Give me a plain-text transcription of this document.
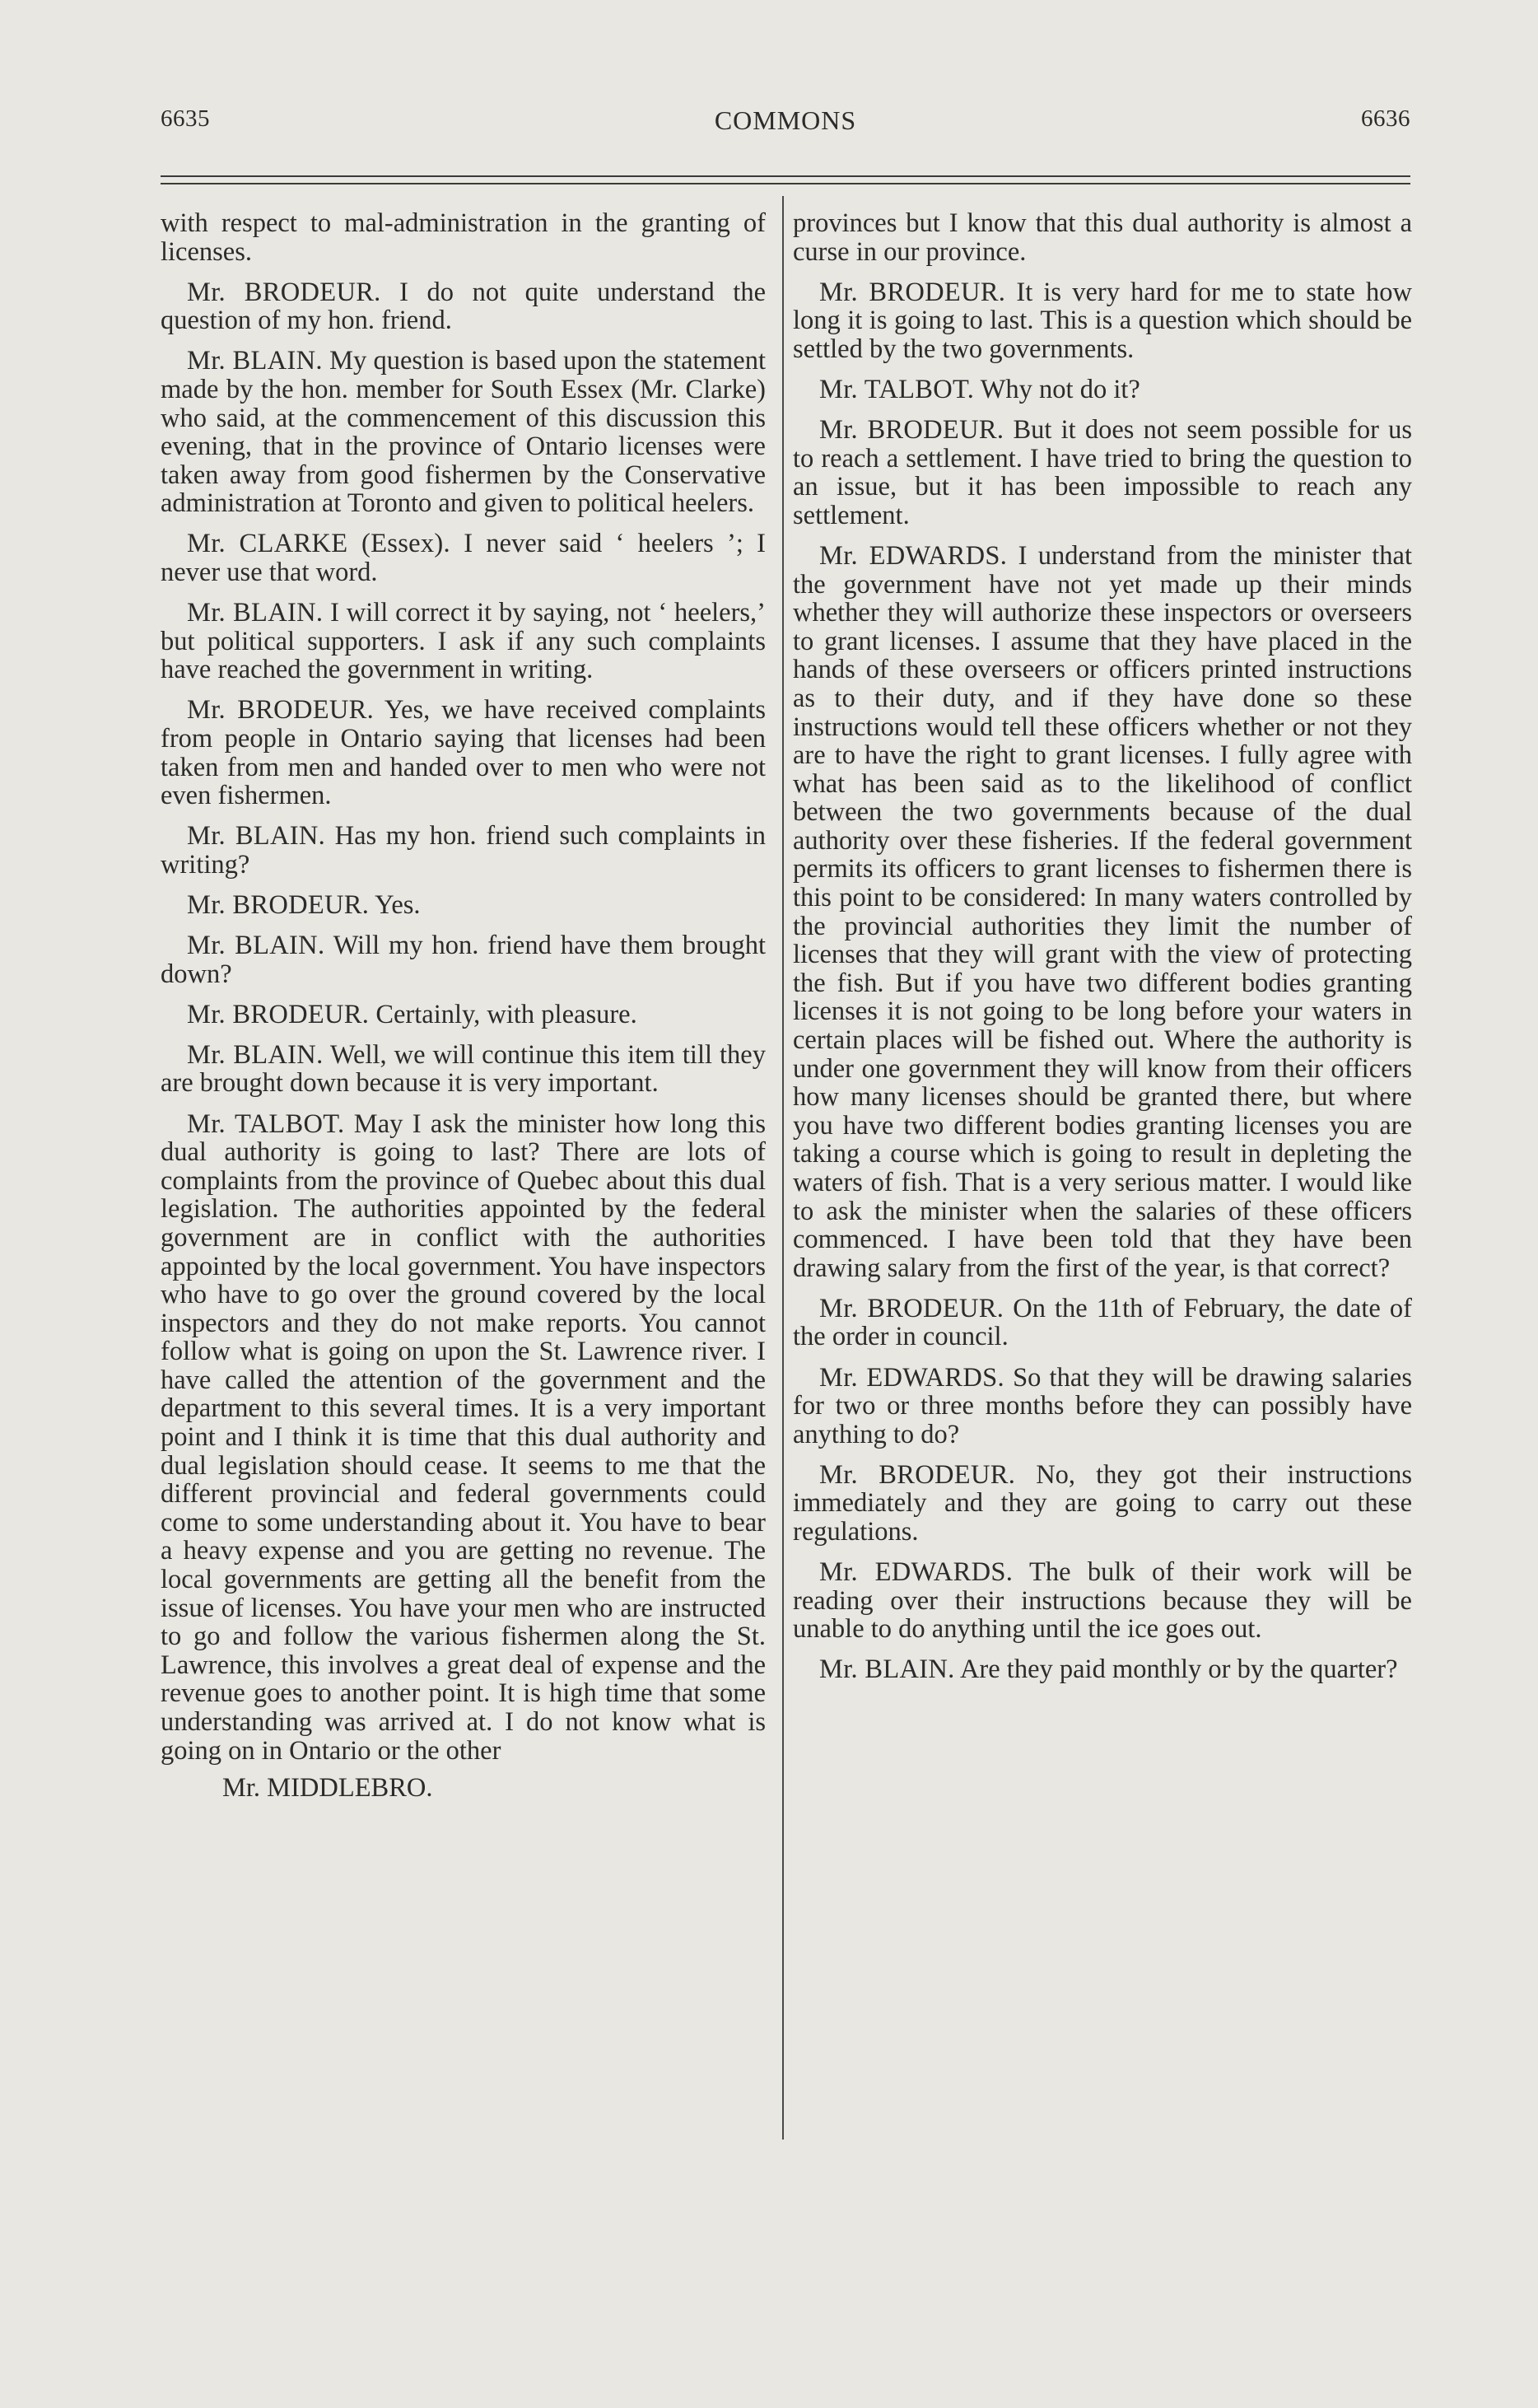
6635	COMMONS	6636

with respect to mal-administration in the granting of licenses.

Mr. BRODEUR. I do not quite understand the question of my hon. friend.

Mr. BLAIN. My question is based upon the statement made by the hon. member for South Essex (Mr. Clarke) who said, at the commencement of this discussion this evening, that in the province of Ontario licenses were taken away from good fishermen by the Conservative administration at Toronto and given to political heelers.

Mr. CLARKE (Essex). I never said ‘ heelers ’; I never use that word.

Mr. BLAIN. I will correct it by saying, not ‘ heelers,’ but political supporters. I ask if any such complaints have reached the government in writing.

Mr. BRODEUR. Yes, we have received complaints from people in Ontario saying that licenses had been taken from men and handed over to men who were not even fishermen.

Mr. BLAIN. Has my hon. friend such complaints in writing?

Mr. BRODEUR. Yes.

Mr. BLAIN. Will my hon. friend have them brought down?

Mr. BRODEUR. Certainly, with pleasure.

Mr. BLAIN. Well, we will continue this item till they are brought down because it is very important.

Mr. TALBOT. May I ask the minister how long this dual authority is going to last? There are lots of complaints from the province of Quebec about this dual legislation. The authorities appointed by the federal government are in conflict with the authorities appointed by the local government. You have inspectors who have to go over the ground covered by the local inspectors and they do not make reports. You cannot follow what is going on upon the St. Lawrence river. I have called the attention of the government and the department to this several times. It is a very important point and I think it is time that this dual authority and dual legislation should cease. It seems to me that the different provincial and federal governments could come to some understanding about it. You have to bear a heavy expense and you are getting no revenue. The local governments are getting all the benefit from the issue of licenses. You have your men who are instructed to go and follow the various fishermen along the St. Lawrence, this involves a great deal of expense and the revenue goes to another point. It is high time that some understanding was arrived at. I do not know what is going on in Ontario or the other

Mr. MIDDLEBRO.

provinces but I know that this dual authority is almost a curse in our province.

Mr. BRODEUR. It is very hard for me to state how long it is going to last. This is a question which should be settled by the two governments.

Mr. TALBOT. Why not do it?

Mr. BRODEUR. But it does not seem possible for us to reach a settlement. I have tried to bring the question to an issue, but it has been impossible to reach any settlement.

Mr. EDWARDS. I understand from the minister that the government have not yet made up their minds whether they will authorize these inspectors or overseers to grant licenses. I assume that they have placed in the hands of these overseers or officers printed instructions as to their duty, and if they have done so these instructions would tell these officers whether or not they are to have the right to grant licenses. I fully agree with what has been said as to the likelihood of conflict between the two governments because of the dual authority over these fisheries. If the federal government permits its officers to grant licenses to fishermen there is this point to be considered: In many waters controlled by the provincial authorities they limit the number of licenses that they will grant with the view of protecting the fish. But if you have two different bodies granting licenses it is not going to be long before your waters in certain places will be fished out. Where the authority is under one government they will know from their officers how many licenses should be granted there, but where you have two different bodies granting licenses you are taking a course which is going to result in depleting the waters of fish. That is a very serious matter. I would like to ask the minister when the salaries of these officers commenced. I have been told that they have been drawing salary from the first of the year, is that correct?

Mr. BRODEUR. On the 11th of February, the date of the order in council.

Mr. EDWARDS. So that they will be drawing salaries for two or three months before they can possibly have anything to do?

Mr. BRODEUR. No, they got their instructions immediately and they are going to carry out these regulations.

Mr. EDWARDS. The bulk of their work will be reading over their instructions because they will be unable to do anything until the ice goes out.

Mr. BLAIN. Are they paid monthly or by the quarter?
